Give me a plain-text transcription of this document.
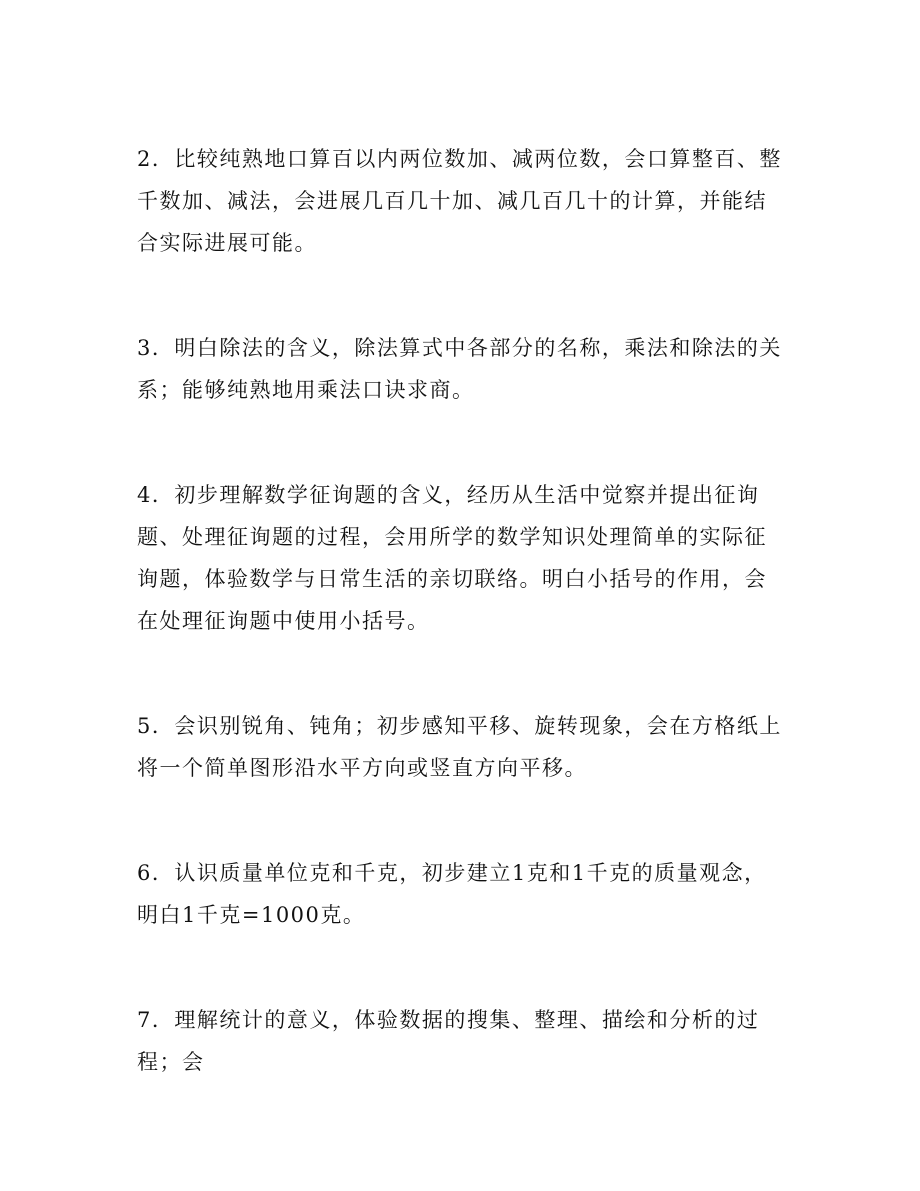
2．比较纯熟地口算百以内两位数加、减两位数，会口算整百、整千数加、减法，会进展几百几十加、减几百几十的计算，并能结合实际进展可能。

3．明白除法的含义，除法算式中各部分的名称，乘法和除法的关系；能够纯熟地用乘法口诀求商。

4．初步理解数学征询题的含义，经历从生活中觉察并提出征询题、处理征询题的过程，会用所学的数学知识处理简单的实际征询题，体验数学与日常生活的亲切联络。明白小括号的作用，会在处理征询题中使用小括号。

5．会识别锐角、钝角；初步感知平移、旋转现象，会在方格纸上将一个简单图形沿水平方向或竖直方向平移。

6．认识质量单位克和千克，初步建立1克和1千克的质量观念，明白1千克=1000克。

7．理解统计的意义，体验数据的搜集、整理、描绘和分析的过程；会
